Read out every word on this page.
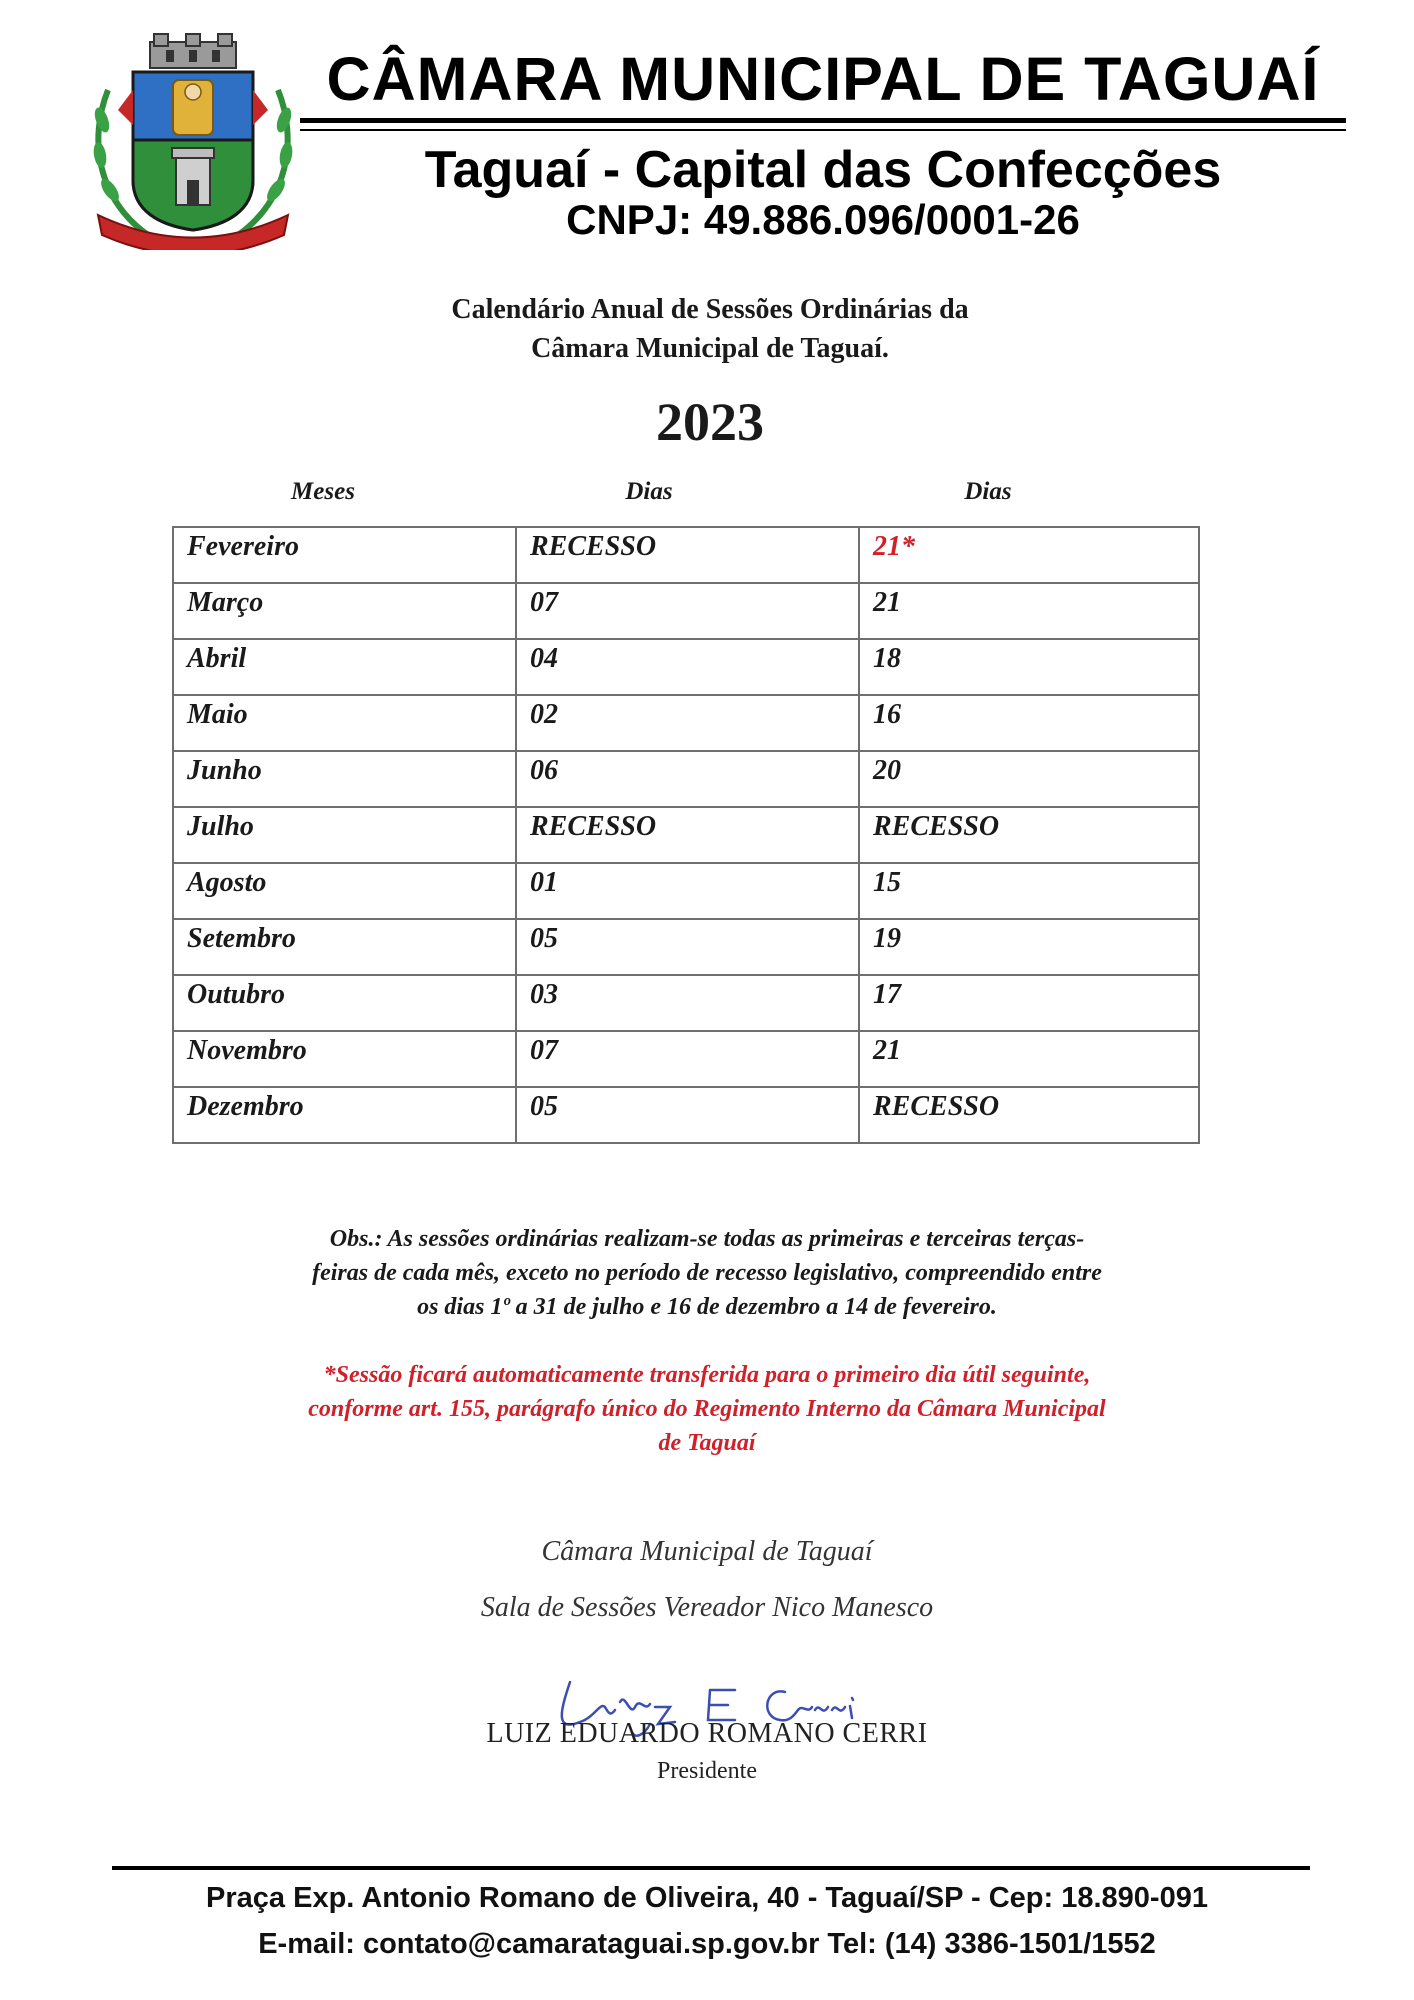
CÂMARA MUNICIPAL DE TAGUAÍ
Taguaí - Capital das Confecções
CNPJ: 49.886.096/0001-26
Calendário Anual de Sessões Ordinárias da
Câmara Municipal de Taguaí.
2023
Meses	Dias	Dias
Fevereiro	RECESSO	21*
Março	07	21
Abril	04	18
Maio	02	16
Junho	06	20
Julho	RECESSO	RECESSO
Agosto	01	15
Setembro	05	19
Outubro	03	17
Novembro	07	21
Dezembro	05	RECESSO
Obs.: As sessões ordinárias realizam-se todas as primeiras e terceiras terças-
feiras de cada mês, exceto no período de recesso legislativo, compreendido entre
os dias 1º a 31 de julho e 16 de dezembro a 14 de fevereiro.
*Sessão ficará automaticamente transferida para o primeiro dia útil seguinte,
conforme art. 155, parágrafo único do Regimento Interno da Câmara Municipal
de Taguaí
Câmara Municipal de Taguaí
Sala de Sessões Vereador Nico Manesco
LUIZ EDUARDO ROMANO CERRI
Presidente
Praça Exp. Antonio Romano de Oliveira, 40 - Taguaí/SP - Cep: 18.890-091
E-mail: contato@camarataguai.sp.gov.br Tel: (14) 3386-1501/1552
